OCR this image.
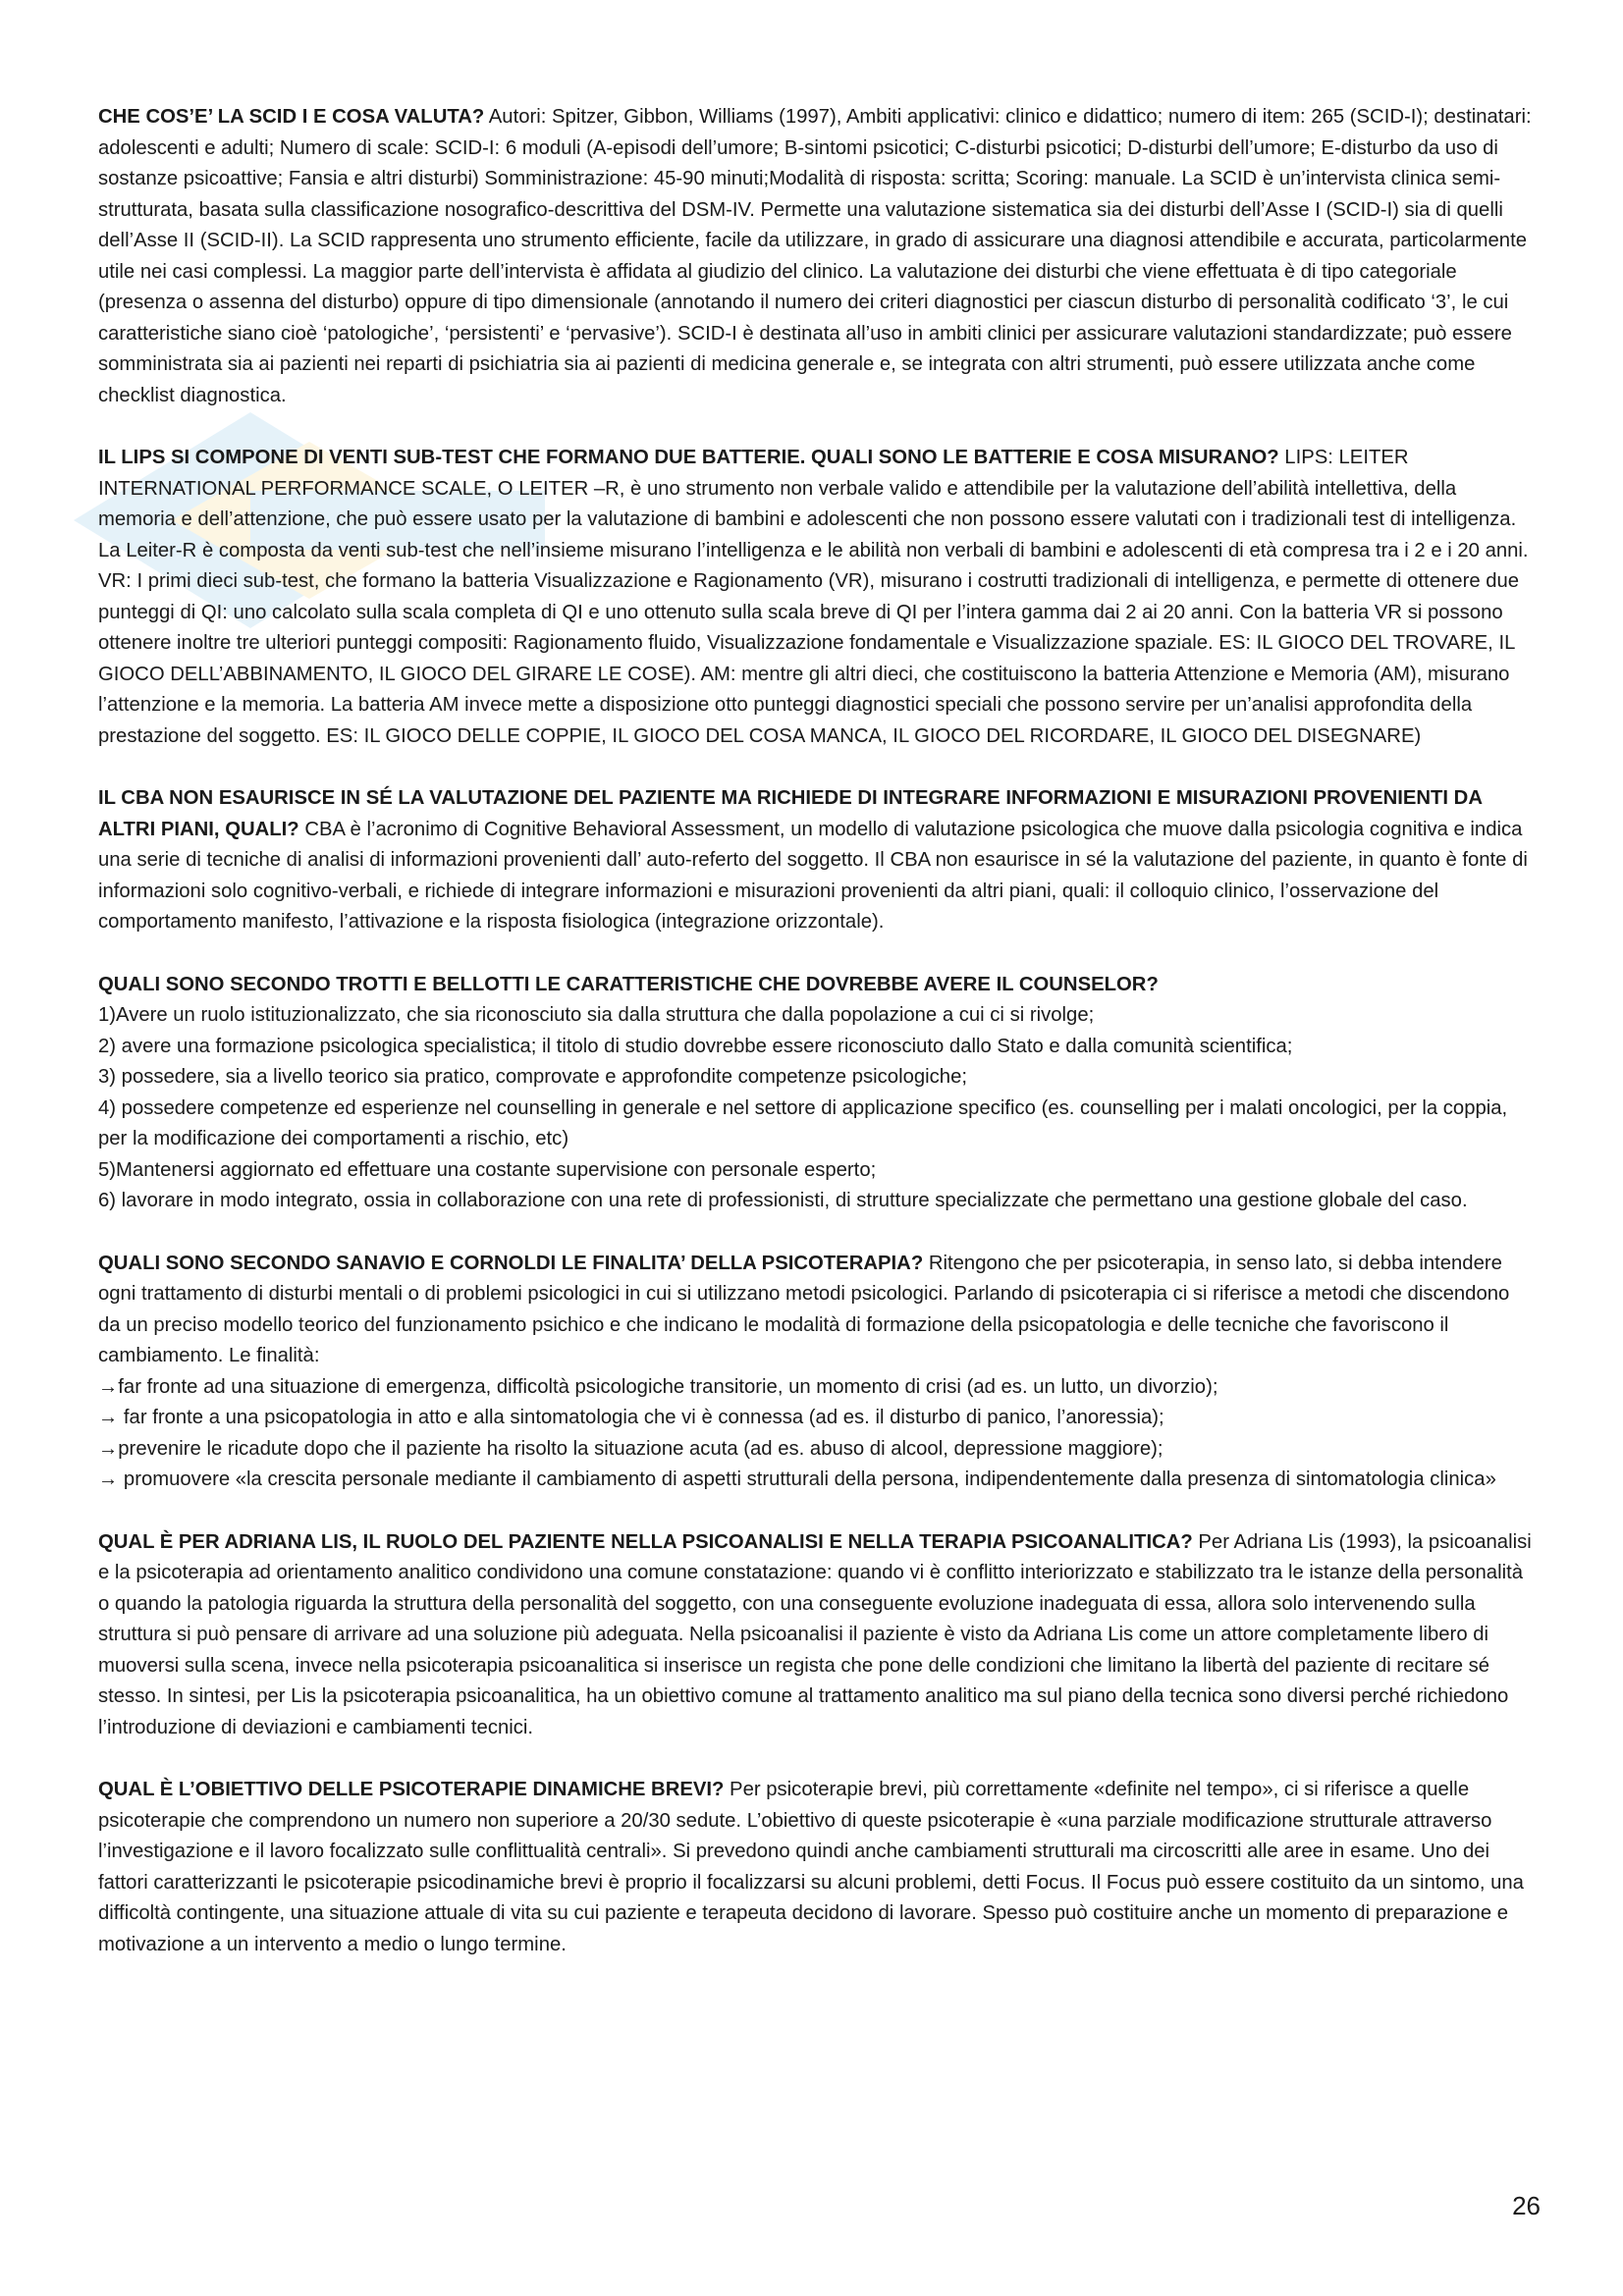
CHE COS’E’ LA SCID I E COSA VALUTA? Autori: Spitzer, Gibbon, Williams (1997), Ambiti applicativi: clinico e didattico; numero di item: 265 (SCID-I); destinatari: adolescenti e adulti; Numero di scale: SCID-I: 6 moduli (A-episodi dell’umore; B-sintomi psicotici; C-disturbi psicotici; D-disturbi dell’umore; E-disturbo da uso di sostanze psicoattive; Fansia e altri disturbi) Somministrazione: 45-90 minuti;Modalità di risposta: scritta; Scoring: manuale. La SCID è un’intervista clinica semi-strutturata, basata sulla classificazione nosografico-descrittiva del DSM-IV. Permette una valutazione sistematica sia dei disturbi dell’Asse I (SCID-I) sia di quelli dell’Asse II (SCID-II). La SCID rappresenta uno strumento efficiente, facile da utilizzare, in grado di assicurare una diagnosi attendibile e accurata, particolarmente utile nei casi complessi. La maggior parte dell’intervista è affidata al giudizio del clinico. La valutazione dei disturbi che viene effettuata è di tipo categoriale (presenza o assenna del disturbo) oppure di tipo dimensionale (annotando il numero dei criteri diagnostici per ciascun disturbo di personalità codificato ‘3’, le cui caratteristiche siano cioè ‘patologiche’, ‘persistenti’ e ‘pervasive’). SCID-I è destinata all’uso in ambiti clinici per assicurare valutazioni standardizzate; può essere somministrata sia ai pazienti nei reparti di psichiatria sia ai pazienti di medicina generale e, se integrata con altri strumenti, può essere utilizzata anche come checklist diagnostica.

IL LIPS SI COMPONE DI VENTI SUB-TEST CHE FORMANO DUE BATTERIE. QUALI SONO LE BATTERIE E COSA MISURANO? LIPS: LEITER INTERNATIONAL PERFORMANCE SCALE, O LEITER –R, è uno strumento non verbale valido e attendibile per la valutazione dell’abilità intellettiva, della memoria e dell’attenzione, che può essere usato per la valutazione di bambini e adolescenti che non possono essere valutati con i tradizionali test di intelligenza. La Leiter-R è composta da venti sub-test che nell’insieme misurano l’intelligenza e le abilità non verbali di bambini e adolescenti di età compresa tra i 2 e i 20 anni. VR: I primi dieci sub-test, che formano la batteria Visualizzazione e Ragionamento (VR), misurano i costrutti tradizionali di intelligenza, e permette di ottenere due punteggi di QI: uno calcolato sulla scala completa di QI e uno ottenuto sulla scala breve di QI per l’intera gamma dai 2 ai 20 anni. Con la batteria VR si possono ottenere inoltre tre ulteriori punteggi compositi: Ragionamento fluido, Visualizzazione fondamentale e Visualizzazione spaziale. ES: IL GIOCO DEL TROVARE, IL GIOCO DELL’ABBINAMENTO, IL GIOCO DEL GIRARE LE COSE). AM: mentre gli altri dieci, che costituiscono la batteria Attenzione e Memoria (AM), misurano l’attenzione e la memoria. La batteria AM invece mette a disposizione otto punteggi diagnostici speciali che possono servire per un’analisi approfondita della prestazione del soggetto. ES: IL GIOCO DELLE COPPIE, IL GIOCO DEL COSA MANCA, IL GIOCO DEL RICORDARE, IL GIOCO DEL DISEGNARE)

IL CBA NON ESAURISCE IN SÉ LA VALUTAZIONE DEL PAZIENTE MA RICHIEDE DI INTEGRARE INFORMAZIONI E MISURAZIONI PROVENIENTI DA ALTRI PIANI, QUALI? CBA è l’acronimo di Cognitive Behavioral Assessment, un modello di valutazione psicologica che muove dalla psicologia cognitiva e indica una serie di tecniche di analisi di informazioni provenienti dall’ auto-referto del soggetto. Il CBA non esaurisce in sé la valutazione del paziente, in quanto è fonte di informazioni solo cognitivo-verbali, e richiede di integrare informazioni e misurazioni provenienti da altri piani, quali: il colloquio clinico, l’osservazione del comportamento manifesto, l’attivazione e la risposta fisiologica (integrazione orizzontale).

QUALI SONO SECONDO TROTTI E BELLOTTI LE CARATTERISTICHE CHE DOVREBBE AVERE IL COUNSELOR?
1)Avere un ruolo istituzionalizzato, che sia riconosciuto sia dalla struttura che dalla popolazione a cui ci si rivolge;
2) avere una formazione psicologica specialistica; il titolo di studio dovrebbe essere riconosciuto dallo Stato e dalla comunità scientifica;
3) possedere, sia a livello teorico sia pratico, comprovate e approfondite competenze psicologiche;
4) possedere competenze ed esperienze nel counselling in generale e nel settore di applicazione specifico (es. counselling per i malati oncologici, per la coppia, per la modificazione dei comportamenti a rischio, etc)
5)Mantenersi aggiornato ed effettuare una costante supervisione con personale esperto;
6) lavorare in modo integrato, ossia in collaborazione con una rete di professionisti, di strutture specializzate che permettano una gestione globale del caso.

QUALI SONO SECONDO SANAVIO E CORNOLDI LE FINALITA’ DELLA PSICOTERAPIA? Ritengono che per psicoterapia, in senso lato, si debba intendere ogni trattamento di disturbi mentali o di problemi psicologici in cui si utilizzano metodi psicologici. Parlando di psicoterapia ci si riferisce a metodi che discendono da un preciso modello teorico del funzionamento psichico e che indicano le modalità di formazione della psicopatologia e delle tecniche che favoriscono il cambiamento. Le finalità:
→far fronte ad una situazione di emergenza, difficoltà psicologiche transitorie, un momento di crisi (ad es. un lutto, un divorzio);
→ far fronte a una psicopatologia in atto e alla sintomatologia che vi è connessa (ad es. il disturbo di panico, l’anoressia);
→prevenire le ricadute dopo che il paziente ha risolto la situazione acuta (ad es. abuso di alcool, depressione maggiore);
→ promuovere «la crescita personale mediante il cambiamento di aspetti strutturali della persona, indipendentemente dalla presenza di sintomatologia clinica»

QUAL È PER ADRIANA LIS, IL RUOLO DEL PAZIENTE NELLA PSICOANALISI E NELLA TERAPIA PSICOANALITICA? Per Adriana Lis (1993), la psicoanalisi e la psicoterapia ad orientamento analitico condividono una comune constatazione: quando vi è conflitto interiorizzato e stabilizzato tra le istanze della personalità o quando la patologia riguarda la struttura della personalità del soggetto, con una conseguente evoluzione inadeguata di essa, allora solo intervenendo sulla struttura si può pensare di arrivare ad una soluzione più adeguata. Nella psicoanalisi il paziente è visto da Adriana Lis come un attore completamente libero di muoversi sulla scena, invece nella psicoterapia psicoanalitica si inserisce un regista che pone delle condizioni che limitano la libertà del paziente di recitare sé stesso. In sintesi, per Lis la psicoterapia psicoanalitica, ha un obiettivo comune al trattamento analitico ma sul piano della tecnica sono diversi perché richiedono l’introduzione di deviazioni e cambiamenti tecnici.

QUAL È L’OBIETTIVO DELLE PSICOTERAPIE DINAMICHE BREVI? Per psicoterapie brevi, più correttamente «definite nel tempo», ci si riferisce a quelle psicoterapie che comprendono un numero non superiore a 20/30 sedute. L’obiettivo di queste psicoterapie è «una parziale modificazione strutturale attraverso l’investigazione e il lavoro focalizzato sulle conflittualità centrali». Si prevedono quindi anche cambiamenti strutturali ma circoscritti alle aree in esame. Uno dei fattori caratterizzanti le psicoterapie psicodinamiche brevi è proprio il focalizzarsi su alcuni problemi, detti Focus. Il Focus può essere costituito da un sintomo, una difficoltà contingente, una situazione attuale di vita su cui paziente e terapeuta decidono di lavorare. Spesso può costituire anche un momento di preparazione e motivazione a un intervento a medio o lungo termine.

26
